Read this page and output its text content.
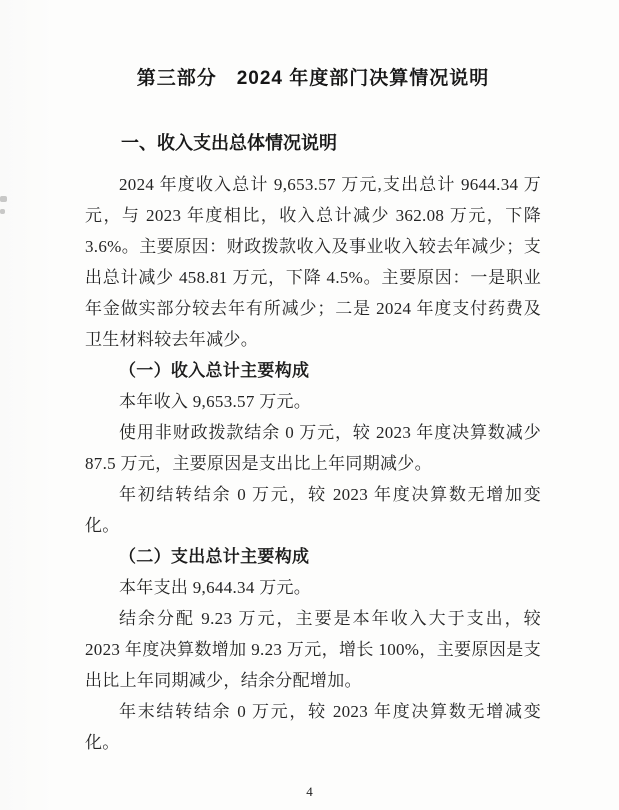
第三部分　2024 年度部门决算情况说明
一、收入支出总体情况说明

2024 年度收入总计 9,653.57 万元,支出总计 9644.34 万元，与 2023 年度相比，收入总计减少 362.08 万元，下降 3.6%。主要原因：财政拨款收入及事业收入较去年减少；支出总计减少 458.81 万元，下降 4.5%。主要原因：一是职业年金做实部分较去年有所减少；二是 2024 年度支付药费及卫生材料较去年减少。

（一）收入总计主要构成

本年收入 9,653.57 万元。

使用非财政拨款结余 0 万元，较 2023 年度决算数减少 87.5 万元，主要原因是支出比上年同期减少。

年初结转结余 0 万元，较 2023 年度决算数无增加变化。

（二）支出总计主要构成

本年支出 9,644.34 万元。

结余分配 9.23 万元，主要是本年收入大于支出，较 2023 年度决算数增加 9.23 万元，增长 100%，主要原因是支出比上年同期减少，结余分配增加。

年末结转结余 0 万元，较 2023 年度决算数无增减变化。

4
